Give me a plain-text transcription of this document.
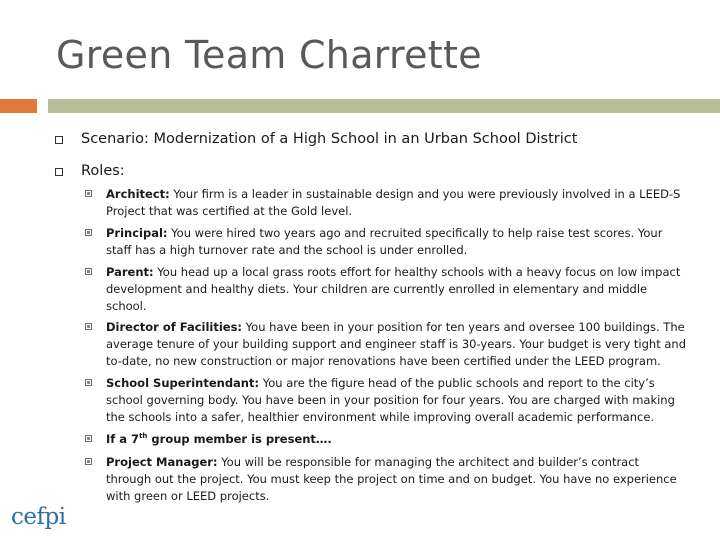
Green Team Charrette
Scenario: Modernization of a High School in an Urban School District
Roles:
Architect: Your firm is a leader in sustainable design and you were previously involved in a LEED-S Project that was certified at the Gold level.
Principal: You were hired two years ago and recruited specifically to help raise test scores. Your staff has a high turnover rate and the school is under enrolled.
Parent: You head up a local grass roots effort for healthy schools with a heavy focus on low impact development and healthy diets. Your children are currently enrolled in elementary and middle school.
Director of Facilities: You have been in your position for ten years and oversee 100 buildings. The average tenure of your building support and engineer staff is 30-years. Your budget is very tight and to-date, no new construction or major renovations have been certified under the LEED program.
School Superintendant: You are the figure head of the public schools and report to the city’s school governing body. You have been in your position for four years. You are charged with making the schools into a safer, healthier environment while improving overall academic performance.
If a 7th group member is present….
Project Manager: You will be responsible for managing the architect and builder’s contract through out the project. You must keep the project on time and on budget. You have no experience with green or LEED projects.
cefpi
